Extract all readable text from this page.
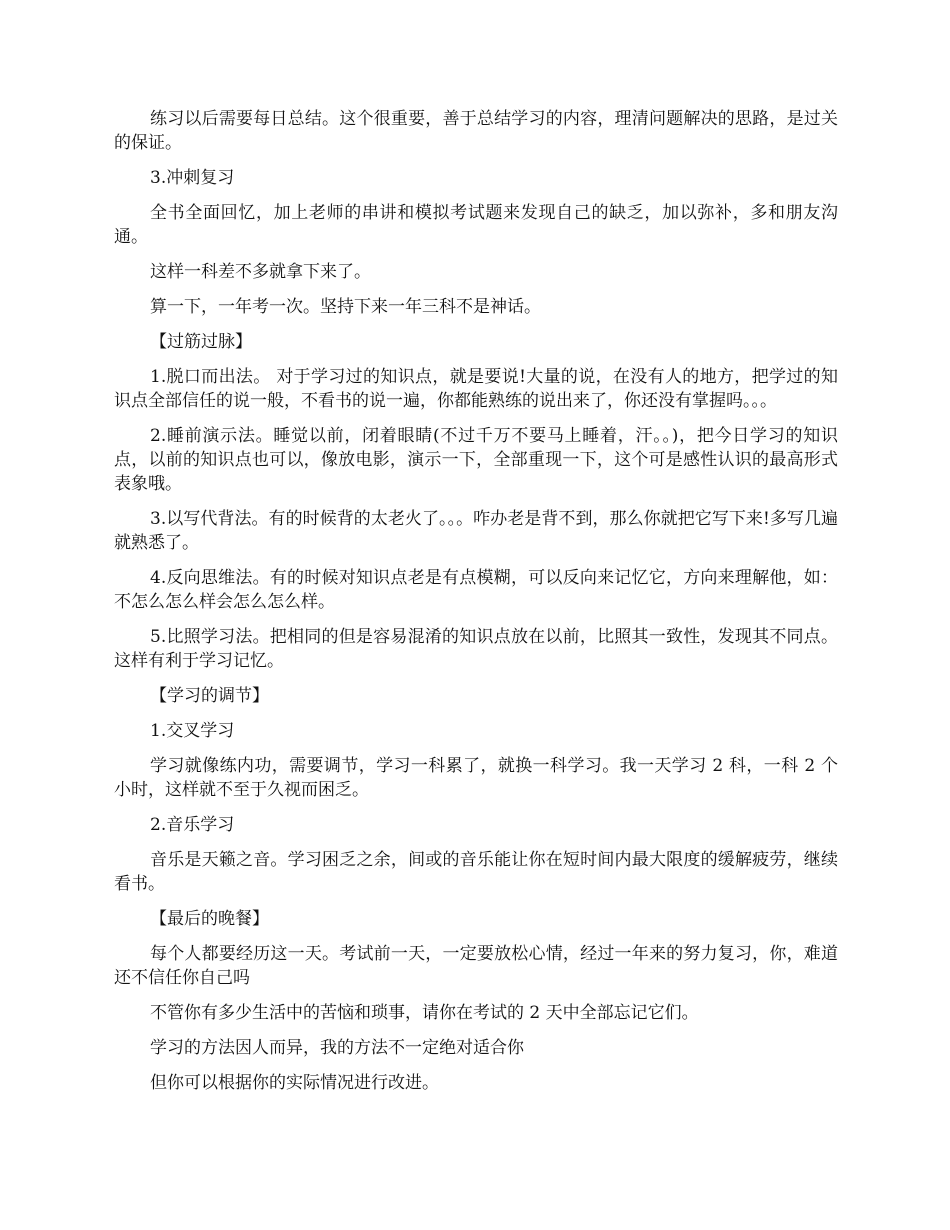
练习以后需要每日总结。这个很重要，善于总结学习的内容，理清问题解决的思路，是过关的保证。

3.冲刺复习

全书全面回忆，加上老师的串讲和模拟考试题来发现自己的缺乏，加以弥补，多和朋友沟通。

这样一科差不多就拿下来了。

算一下，一年考一次。坚持下来一年三科不是神话。

【过筋过脉】

1.脱口而出法。 对于学习过的知识点，就是要说!大量的说，在没有人的地方，把学过的知识点全部信任的说一般，不看书的说一遍，你都能熟练的说出来了，你还没有掌握吗。。。

2.睡前演示法。睡觉以前，闭着眼睛(不过千万不要马上睡着，汗。。)，把今日学习的知识点，以前的知识点也可以，像放电影，演示一下，全部重现一下，这个可是感性认识的最高形式表象哦。

3.以写代背法。有的时候背的太老火了。。。咋办老是背不到，那么你就把它写下来!多写几遍就熟悉了。

4.反向思维法。有的时候对知识点老是有点模糊，可以反向来记忆它，方向来理解他，如：不怎么怎么样会怎么怎么样。

5.比照学习法。把相同的但是容易混淆的知识点放在以前，比照其一致性，发现其不同点。这样有利于学习记忆。

【学习的调节】

1.交叉学习

学习就像练内功，需要调节，学习一科累了，就换一科学习。我一天学习 2 科，一科 2 个小时，这样就不至于久视而困乏。

2.音乐学习

音乐是天籁之音。学习困乏之余，间或的音乐能让你在短时间内最大限度的缓解疲劳，继续看书。

【最后的晚餐】

每个人都要经历这一天。考试前一天，一定要放松心情，经过一年来的努力复习，你，难道还不信任你自己吗

不管你有多少生活中的苦恼和琐事，请你在考试的 2 天中全部忘记它们。

学习的方法因人而异，我的方法不一定绝对适合你

但你可以根据你的实际情况进行改进。
